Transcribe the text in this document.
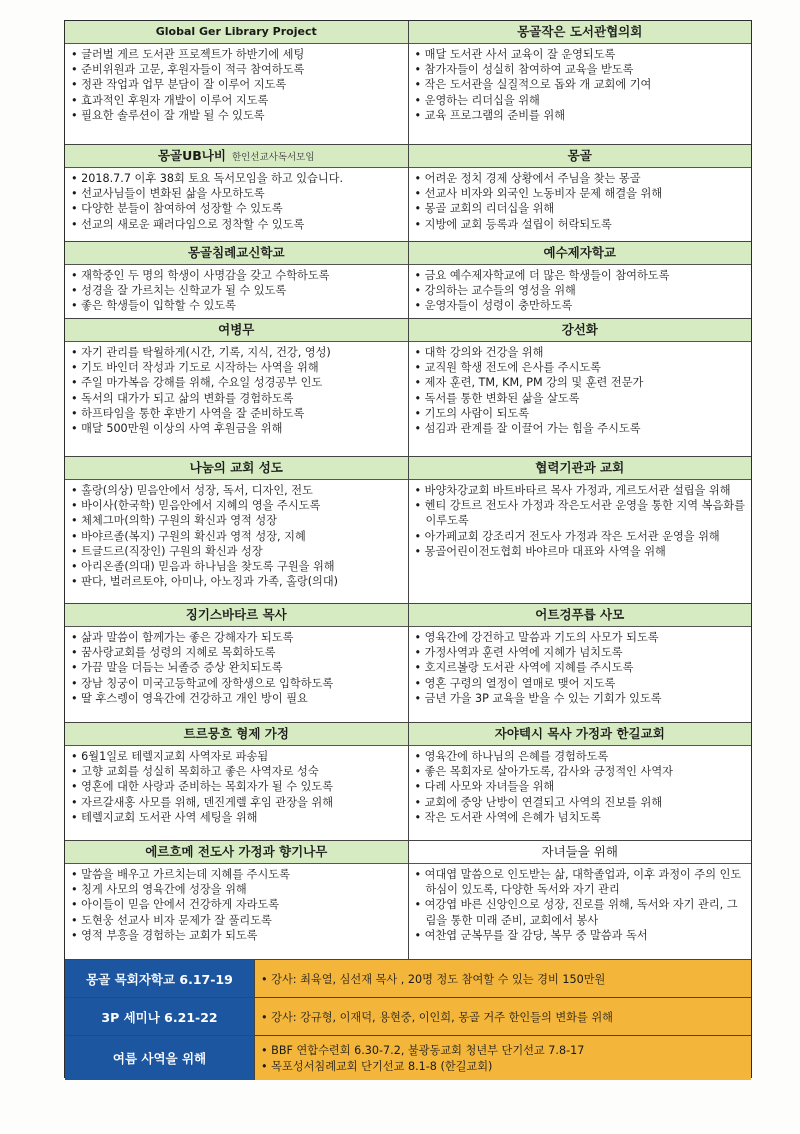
Global Ger Library Project
• 글러벌 게르 도서관 프로젝트가 하반기에 세팅
• 준비위원과 고문, 후원자들이 적극 참여하도록
• 정관 작업과 업무 분담이 잘 이루어 지도록
• 효과적인 후원자 개발이 이루어 지도록
• 필요한 솔루션이 잘 개발 될 수 있도록
몽골작은 도서관협의회
• 매달 도서관 사서 교육이 잘 운영되도록
• 참가자들이 성실히 참여하여 교육을 받도록
• 작은 도서관을 실질적으로 돕와 개 교회에 기여
• 운영하는 리더십을 위해
• 교육 프로그램의 준비를 위해
몽골UB나비 한인선교사독서모임
• 2018.7.7 이후 38회 토요 독서모임을 하고 있습니다.
• 선교사님들이 변화된 삶을 사모하도록
• 다양한 분들이 참여하여 성장할 수 있도록
• 선교의 새로운 패러다임으로 정착할 수 있도록
몽골
• 어려운 정치 경제 상황에서 주님을 찾는 몽골
• 선교사 비자와 외국인 노동비자 문제 해결을 위해
• 몽골 교회의 리더십을 위해
• 지방에 교회 등록과 설립이 허락되도록
몽골침례교신학교
• 재학중인 두 명의 학생이 사명감을 갖고 수학하도록
• 성경을 잘 가르치는 신학교가 될 수 있도록
• 좋은 학생들이 입학할 수 있도록
예수제자학교
• 금요 예수제자학교에 더 많은 학생들이 참여하도록
• 강의하는 교수들의 영성을 위해
• 운영자들이 성령이 충만하도록
여병무
• 자기 관리를 탁월하게(시간, 기록, 지식, 건강, 영성)
• 기도 바인더 작성과 기도로 시작하는 사역을 위해
• 주일 마가복음 강해를 위해, 수요일 성경공부 인도
• 독서의 대가가 되고 삶의 변화를 경험하도록
• 하프타임을 통한 후반기 사역을 잘 준비하도록
• 매달 500만원 이상의 사역 후원금을 위해
강선화
• 대학 강의와 건강을 위해
• 교직원 학생 전도에 은사를 주시도록
• 제자 훈련, TM, KM, PM 강의 및 훈련 전문가
• 독서를 통한 변화된 삶을 살도록
• 기도의 사람이 되도록
• 섬김과 관계를 잘 이끌어 가는 힘을 주시도록
나눔의 교회 성도
• 홀랑(의상) 믿음안에서 성장, 독서, 디자인, 전도
• 바이사(한국학) 믿음안에서 지혜의 영을 주시도록
• 체체그마(의학) 구원의 확신과 영적 성장
• 바야르졸(복지) 구원의 확신과 영적 성장, 지혜
• 트글드르(직장인) 구원의 확신과 성장
• 아리온졸(의대) 믿음과 하나님을 찾도록 구원을 위해
• 판다, 벌러르토야, 아미나, 아노징과 가족, 홀랑(의대)
협력기관과 교회
• 바양차강교회 바트바타르 목사 가정과, 게르도서관 설립을 위해
• 헨티 강트르 전도사 가정과 작은도서관 운영을 통한 지역 복음화를 이루도록
• 아가페교회 강조리거 전도사 가정과 작은 도서관 운영을 위해
• 몽골어린이전도협회 바야르마 대표와 사역을 위해
징기스바타르 목사
• 삶과 말씀이 함께가는 좋은 강해자가 되도록
• 꿈사랑교회를 성령의 지혜로 목회하도록
• 가끔 말을 더듬는 뇌졸증 증상 완치되도록
• 장남 칭궁이 미국고등학교에 장학생으로 입학하도록
• 딸 후스렝이 영육간에 건강하고 개인 방이 필요
어트겅푸릅 사모
• 영육간에 강건하고 말씀과 기도의 사모가 되도록
• 가정사역과 훈련 사역에 지혜가 넘치도록
• 호지르볼랑 도서관 사역에 지혜를 주시도록
• 영혼 구령의 열정이 열매로 맺어 지도록
• 금년 가을 3P 교육을 받을 수 있는 기회가 있도록
트르뭉흐 형제 가정
• 6월1일로 테렐지교회 사역자로 파송됨
• 고향 교회를 성실히 목회하고 좋은 사역자로 성숙
• 영혼에 대한 사랑과 준비하는 목회자가 될 수 있도록
• 자르갈새홍 사모를 위해, 덴진게렐 후임 관장을 위해
• 테렐지교회 도서관 사역 세팅을 위해
자야텍시 목사 가정과 한길교회
• 영육간에 하나님의 은혜를 경험하도록
• 좋은 목회자로 살아가도록, 감사와 긍정적인 사역자
• 다레 사모와 자녀들을 위해
• 교회에 중앙 난방이 연결되고 사역의 진보를 위해
• 작은 도서관 사역에 은혜가 넘치도록
에르흐메 전도사 가정과 향기나무
• 말씀을 배우고 가르치는데 지혜를 주시도록
• 칭게 사모의 영육간에 성장을 위해
• 아이들이 믿음 안에서 건강하게 자라도록
• 도현웅 선교사 비자 문제가 잘 풀리도록
• 영적 부흥을 경험하는 교회가 되도록
자녀들을 위해
• 여대엽 말씀으로 인도받는 삶, 대학졸업과, 이후 과정이 주의 인도하심이 있도록, 다양한 독서와 자기 관리
• 여강엽 바른 신앙인으로 성장, 진로를 위해, 독서와 자기 관리, 그림을 통한 미래 준비, 교회에서 봉사
• 여찬엽 군복무를 잘 감당, 복무 중 말씀과 독서
몽골 목회자학교 6.17-19	• 강사: 최육열, 심선재 목사 , 20명 정도 참여할 수 있는 경비 150만원
3P 세미나 6.21-22	• 강사: 강규형, 이재덕, 용현중, 이인희, 몽골 거주 한인들의 변화를 위해
여름 사역을 위해
• BBF 연합수련회 6.30-7.2, 불광동교회 청년부 단기선교 7.8-17
• 목포성서침례교회 단기선교 8.1-8 (한길교회)
